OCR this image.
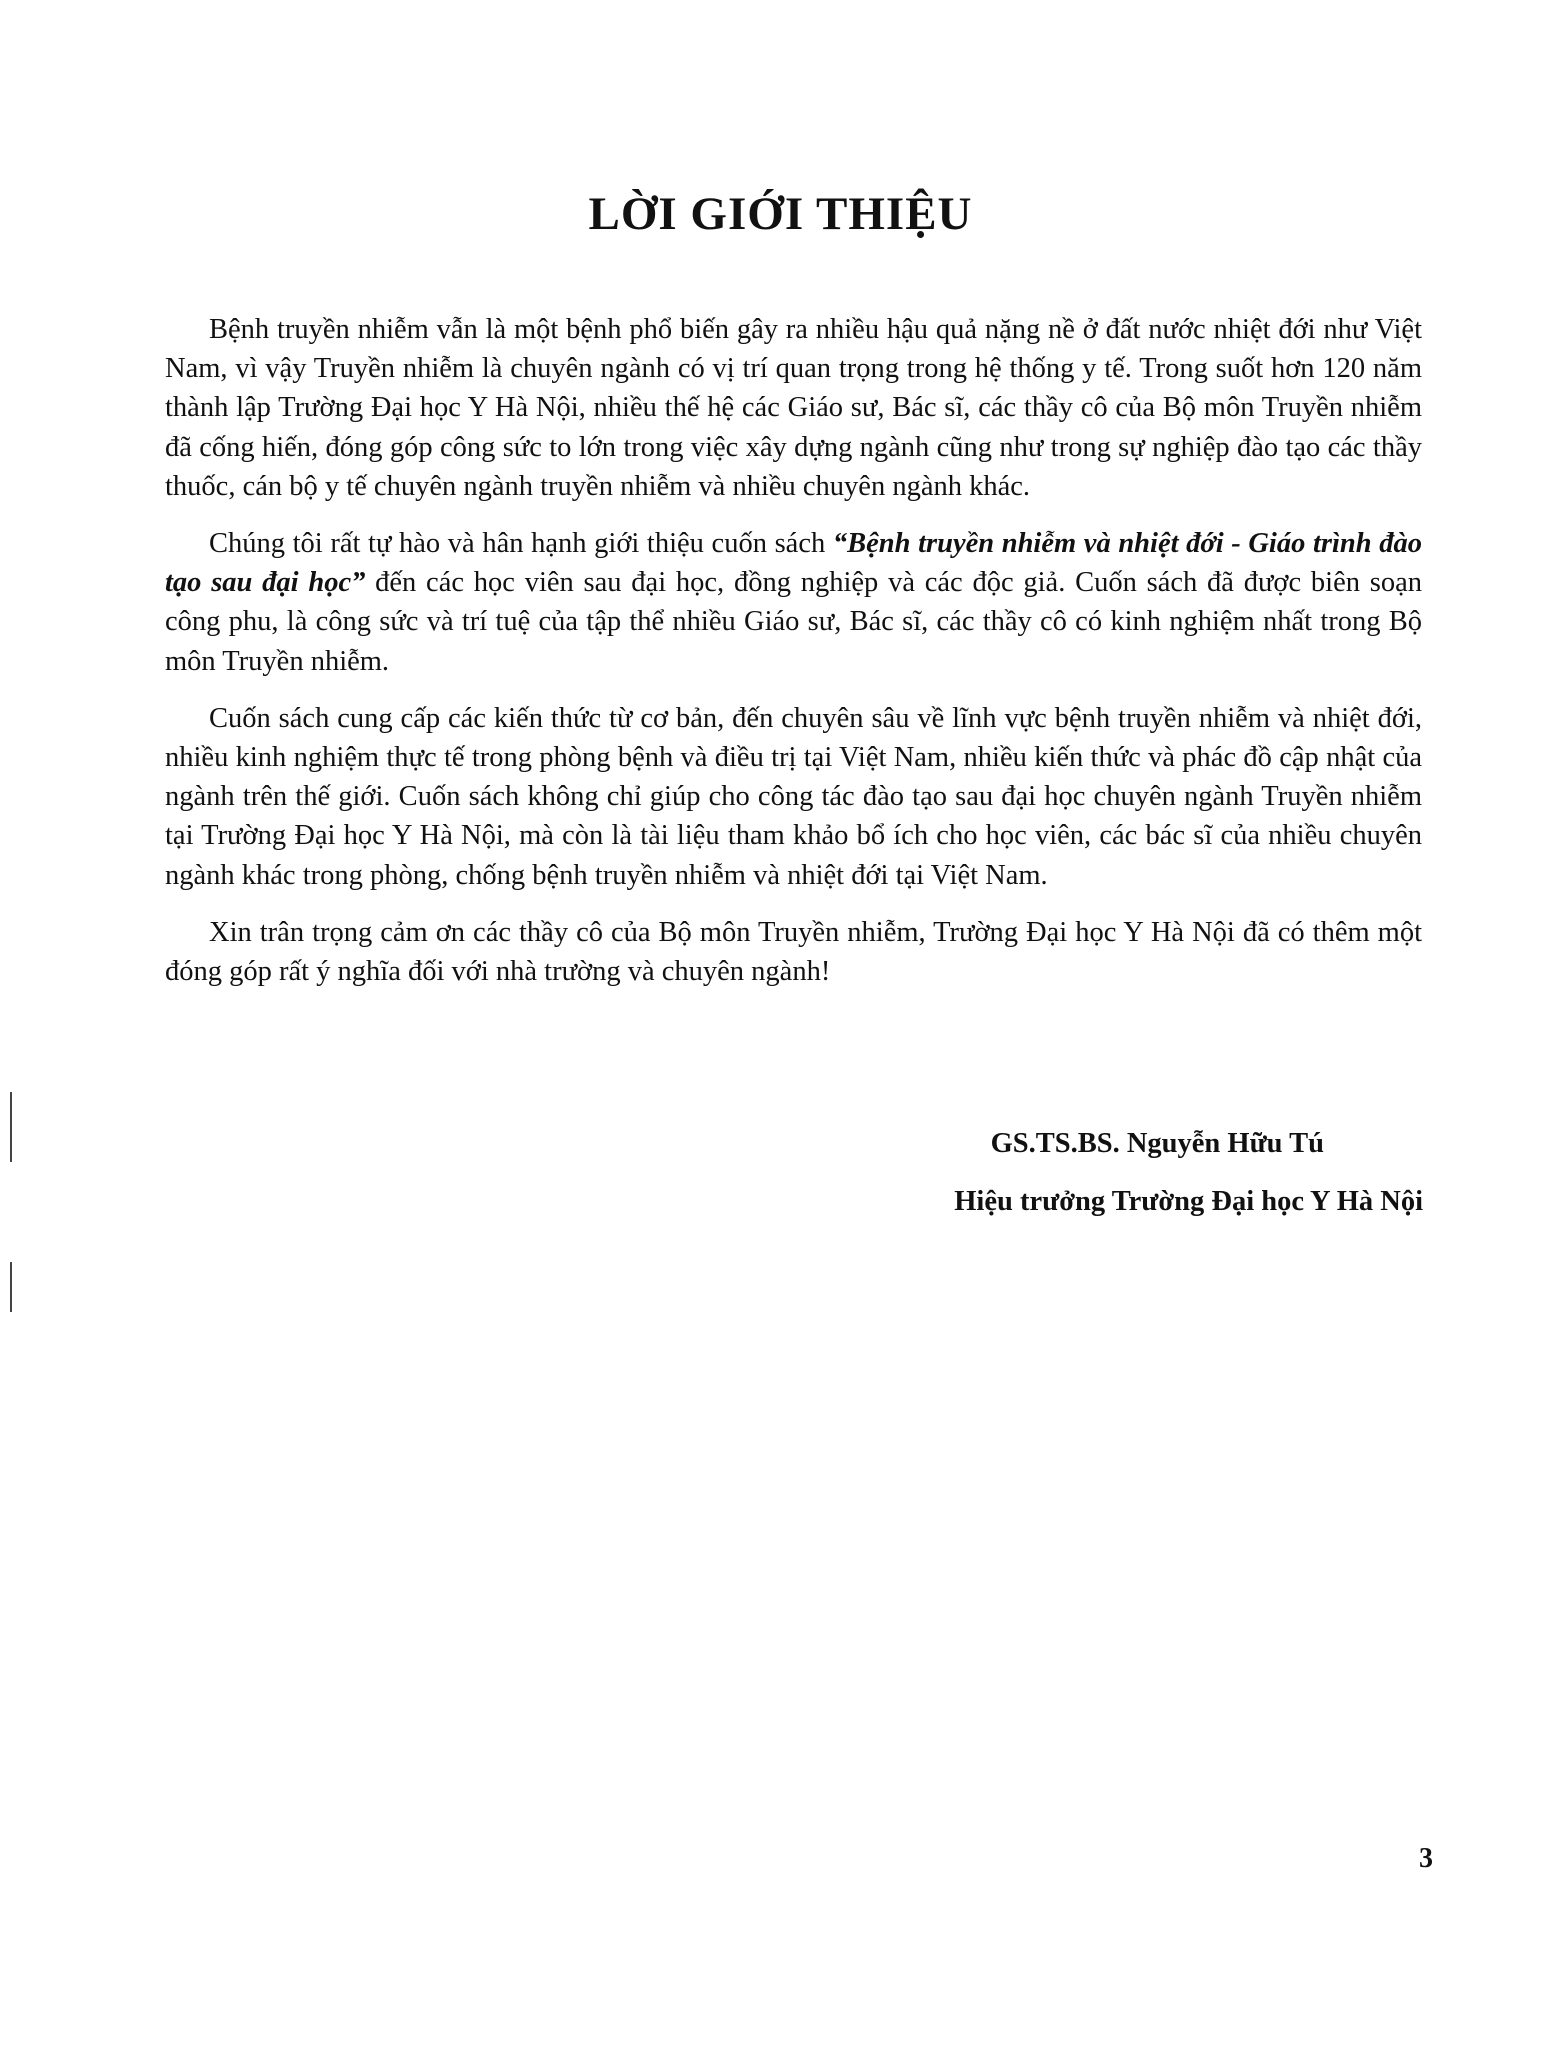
LỜI GIỚI THIỆU

Bệnh truyền nhiễm vẫn là một bệnh phổ biến gây ra nhiều hậu quả nặng nề ở đất nước nhiệt đới như Việt Nam, vì vậy Truyền nhiễm là chuyên ngành có vị trí quan trọng trong hệ thống y tế. Trong suốt hơn 120 năm thành lập Trường Đại học Y Hà Nội, nhiều thế hệ các Giáo sư, Bác sĩ, các thầy cô của Bộ môn Truyền nhiễm đã cống hiến, đóng góp công sức to lớn trong việc xây dựng ngành cũng như trong sự nghiệp đào tạo các thầy thuốc, cán bộ y tế chuyên ngành truyền nhiễm và nhiều chuyên ngành khác.

Chúng tôi rất tự hào và hân hạnh giới thiệu cuốn sách “Bệnh truyền nhiễm và nhiệt đới - Giáo trình đào tạo sau đại học” đến các học viên sau đại học, đồng nghiệp và các độc giả. Cuốn sách đã được biên soạn công phu, là công sức và trí tuệ của tập thể nhiều Giáo sư, Bác sĩ, các thầy cô có kinh nghiệm nhất trong Bộ môn Truyền nhiễm.

Cuốn sách cung cấp các kiến thức từ cơ bản, đến chuyên sâu về lĩnh vực bệnh truyền nhiễm và nhiệt đới, nhiều kinh nghiệm thực tế trong phòng bệnh và điều trị tại Việt Nam, nhiều kiến thức và phác đồ cập nhật của ngành trên thế giới. Cuốn sách không chỉ giúp cho công tác đào tạo sau đại học chuyên ngành Truyền nhiễm tại Trường Đại học Y Hà Nội, mà còn là tài liệu tham khảo bổ ích cho học viên, các bác sĩ của nhiều chuyên ngành khác trong phòng, chống bệnh truyền nhiễm và nhiệt đới tại Việt Nam.

Xin trân trọng cảm ơn các thầy cô của Bộ môn Truyền nhiễm, Trường Đại học Y Hà Nội đã có thêm một đóng góp rất ý nghĩa đối với nhà trường và chuyên ngành!

GS.TS.BS. Nguyễn Hữu Tú
Hiệu trưởng Trường Đại học Y Hà Nội
3
